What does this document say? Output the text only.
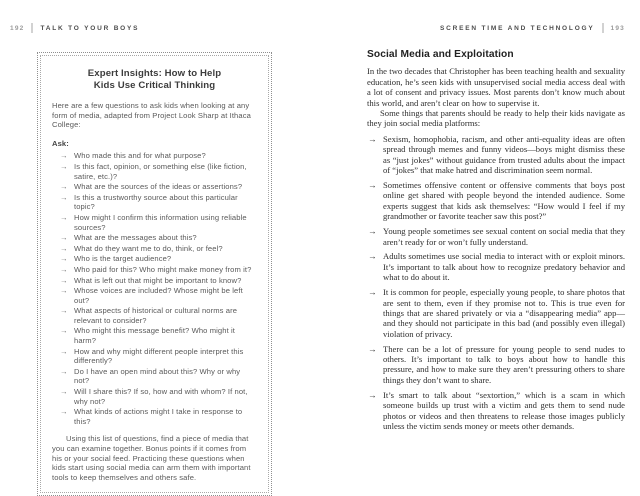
192 TALK TO YOUR BOYS
Expert Insights: How to Help
Kids Use Critical Thinking

Here are a few questions to ask kids when looking at any form of media, adapted from Project Look Sharp at Ithaca College:

Ask:

→ Who made this and for what purpose?
→ Is this fact, opinion, or something else (like fiction, satire, etc.)?
→ What are the sources of the ideas or assertions?
→ Is this a trustworthy source about this particular topic?
→ How might I confirm this information using reliable sources?
→ What are the messages about this?
→ What do they want me to do, think, or feel?
→ Who is the target audience?
→ Who paid for this? Who might make money from it?
→ What is left out that might be important to know?
→ Whose voices are included? Whose might be left out?
→ What aspects of historical or cultural norms are relevant to consider?
→ Who might this message benefit? Who might it harm?
→ How and why might different people interpret this differently?
→ Do I have an open mind about this? Why or why not?
→ Will I share this? If so, how and with whom? If not, why not?
→ What kinds of actions might I take in response to this?

Using this list of questions, find a piece of media that you can examine together. Bonus points if it comes from his or your social feed. Practicing these questions when kids start using social media can arm them with important tools to keep themselves and others safe.

SCREEN TIME AND TECHNOLOGY 193
Social Media and Exploitation

In the two decades that Christopher has been teaching health and sexuality education, he’s seen kids with unsupervised social media access deal with a lot of consent and privacy issues. Most parents don’t know much about this world, and aren’t clear on how to supervise it.

Some things that parents should be ready to help their kids navigate as they join social media platforms:

→ Sexism, homophobia, racism, and other anti-equality ideas are often spread through memes and funny videos—boys might dismiss these as “just jokes” without guidance from trusted adults about the impact of “jokes” that make hatred and discrimination seem normal.
→ Sometimes offensive content or offensive comments that boys post online get shared with people beyond the intended audience. Some experts suggest that kids ask themselves: “How would I feel if my grandmother or favorite teacher saw this post?”
→ Young people sometimes see sexual content on social media that they aren’t ready for or won’t fully understand.
→ Adults sometimes use social media to interact with or exploit minors. It’s important to talk about how to recognize predatory behavior and what to do about it.
→ It is common for people, especially young people, to share photos that are sent to them, even if they promise not to. This is true even for things that are shared privately or via a “disappearing media” app—and they should not participate in this bad (and possibly even illegal) violation of privacy.
→ There can be a lot of pressure for young people to send nudes to others. It’s important to talk to boys about how to handle this pressure, and how to make sure they aren’t pressuring others to share things they don’t want to share.
→ It’s smart to talk about “sextortion,” which is a scam in which someone builds up trust with a victim and gets them to send nude photos or videos and then threatens to release those images publicly unless the victim sends money or meets other demands.
